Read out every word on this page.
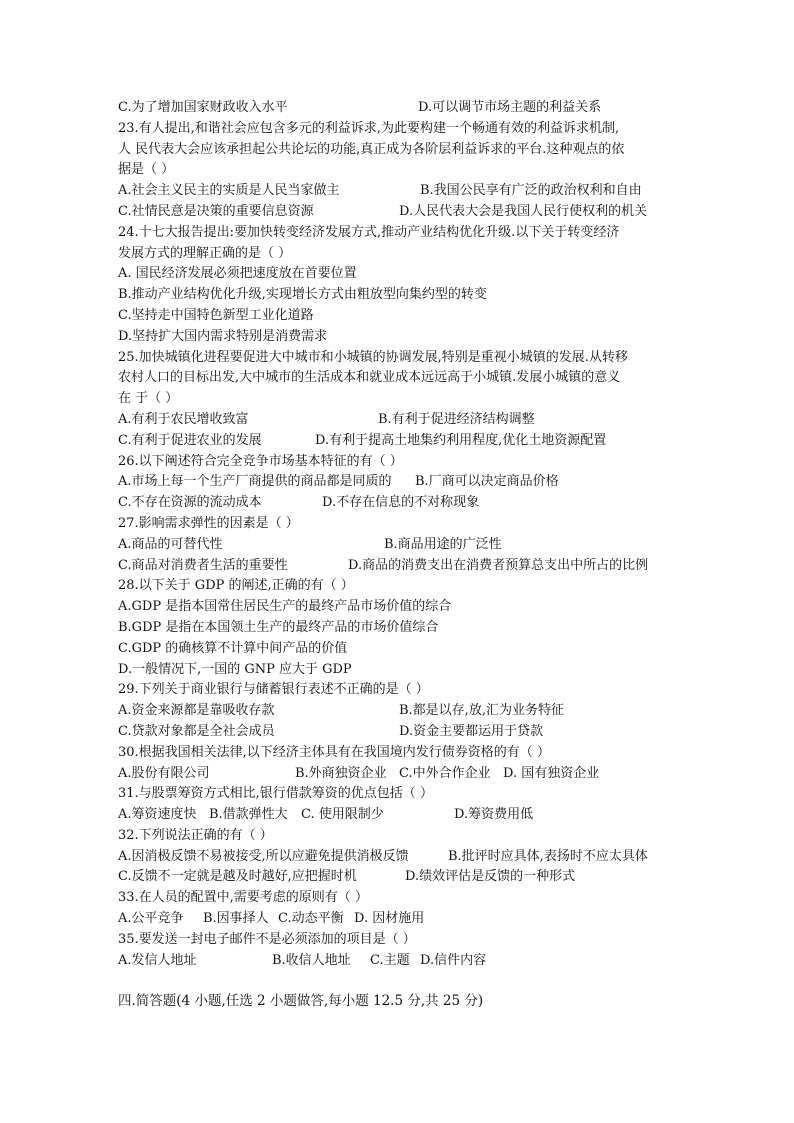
C.为了增加国家财政收入水平	D.可以调节市场主题的利益关系
23.有人提出,和谐社会应包含多元的利益诉求,为此要构建一个畅通有效的利益诉求机制,
人 民代表大会应该承担起公共论坛的功能,真正成为各阶层利益诉求的平台.这种观点的依
据是（ ）
A.社会主义民主的实质是人民当家做主	B.我国公民享有广泛的政治权利和自由
C.社情民意是决策的重要信息资源	D.人民代表大会是我国人民行使权利的机关
24.十七大报告提出:要加快转变经济发展方式,推动产业结构优化升级.以下关于转变经济
发展方式的理解正确的是（ ）
A. 国民经济发展必须把速度放在首要位置
B.推动产业结构优化升级,实现增长方式由粗放型向集约型的转变
C.坚持走中国特色新型工业化道路
D.坚持扩大国内需求特别是消费需求
25.加快城镇化进程要促进大中城市和小城镇的协调发展,特别是重视小城镇的发展.从转移
农村人口的目标出发,大中城市的生活成本和就业成本远远高于小城镇.发展小城镇的意义
在 于（ ）
A.有利于农民增收致富	B.有利于促进经济结构调整
C.有利于促进农业的发展	D.有利于提高土地集约利用程度,优化土地资源配置
26.以下阐述符合完全竞争市场基本特征的有（ ）
A.市场上每一个生产厂商提供的商品都是同质的	B.厂商可以决定商品价格
C.不存在资源的流动成本	D.不存在信息的不对称现象
27.影响需求弹性的因素是（ ）
A.商品的可替代性	B.商品用途的广泛性
C.商品对消费者生活的重要性	D.商品的消费支出在消费者预算总支出中所占的比例
28.以下关于 GDP 的阐述,正确的有（ ）
A.GDP 是指本国常住居民生产的最终产品市场价值的综合
B.GDP 是指在本国领土生产的最终产品的市场价值综合
C.GDP 的确核算不计算中间产品的价值
D.一般情况下,一国的 GNP 应大于 GDP
29.下列关于商业银行与储蓄银行表述不正确的是（ ）
A.资金来源都是靠吸收存款	B.都是以存,放,汇为业务特征
C.贷款对象都是全社会成员	D.资金主要都运用于贷款
30.根据我国相关法律,以下经济主体具有在我国境内发行债券资格的有（ ）
A.股份有限公司	B.外商独资企业 C.中外合作企业 D. 国有独资企业
31.与股票筹资方式相比,银行借款筹资的优点包括（ ）
A.筹资速度快 B.借款弹性大	C. 使用限制少	D.筹资费用低
32.下列说法正确的有（ ）
A.因消极反馈不易被接受,所以应避免提供消极反馈	B.批评时应具体,表扬时不应太具体
C.反馈不一定就是越及时越好,应把握时机	D.绩效评估是反馈的一种形式
33.在人员的配置中,需要考虑的原则有（ ）
A.公平竞争	B.因事择人 C.动态平衡 D. 因材施用
35.要发送一封电子邮件不是必须添加的项目是（ ）
A.发信人地址	B.收信人地址	C.主题 D.信件内容
四.简答题(4 小题,任选 2 小题做答,每小题 12.5 分,共 25 分)
